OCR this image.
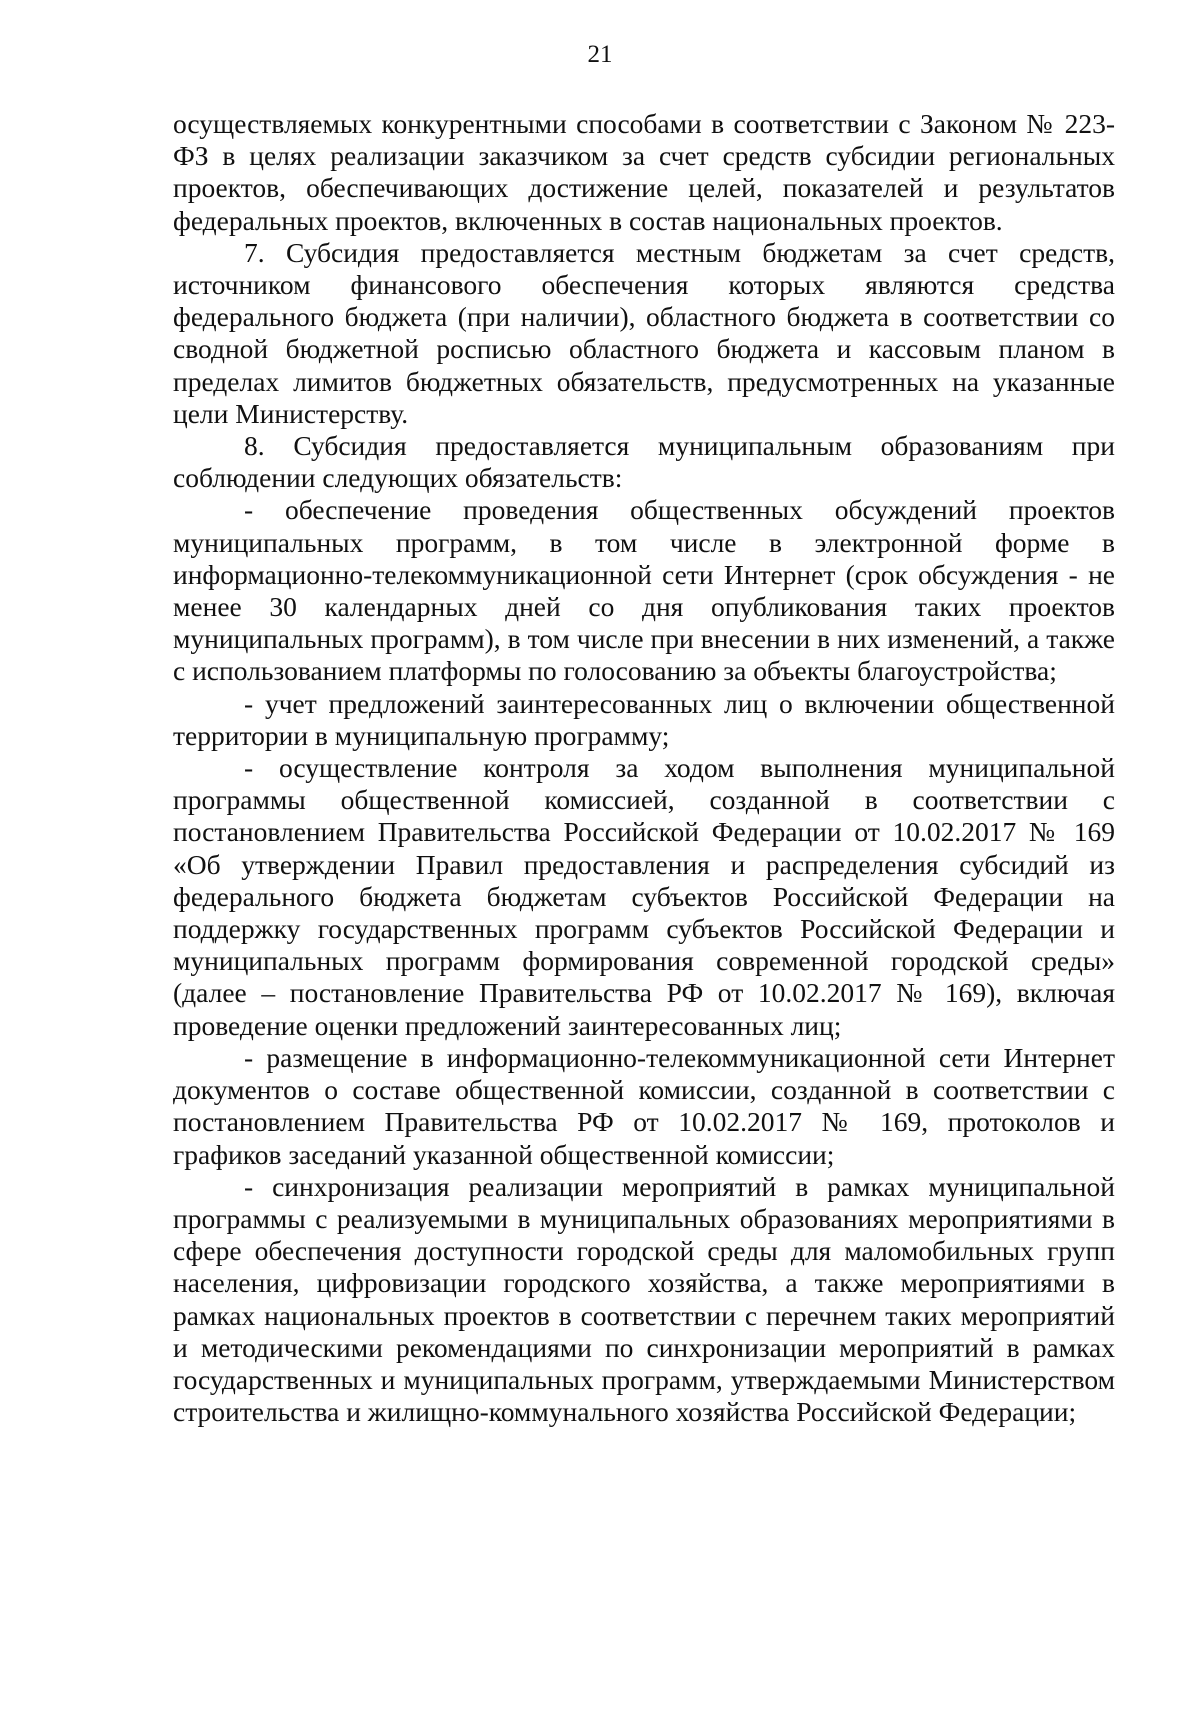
21

осуществляемых конкурентными способами в соответствии с Законом № 223-ФЗ в целях реализации заказчиком за счет средств субсидии региональных проектов, обеспечивающих достижение целей, показателей и результатов федеральных проектов, включенных в состав национальных проектов.

7. Субсидия предоставляется местным бюджетам за счет средств, источником финансового обеспечения которых являются средства федерального бюджета (при наличии), областного бюджета в соответствии со сводной бюджетной росписью областного бюджета и кассовым планом в пределах лимитов бюджетных обязательств, предусмотренных на указанные цели Министерству.

8. Субсидия предоставляется муниципальным образованиям при соблюдении следующих обязательств:

- обеспечение проведения общественных обсуждений проектов муниципальных программ, в том числе в электронной форме в информационно-телекоммуникационной сети Интернет (срок обсуждения - не менее 30 календарных дней со дня опубликования таких проектов муниципальных программ), в том числе при внесении в них изменений, а также с использованием платформы по голосованию за объекты благоустройства;

- учет предложений заинтересованных лиц о включении общественной территории в муниципальную программу;

- осуществление контроля за ходом выполнения муниципальной программы общественной комиссией, созданной в соответствии с постановлением Правительства Российской Федерации от 10.02.2017 № 169 «Об утверждении Правил предоставления и распределения субсидий из федерального бюджета бюджетам субъектов Российской Федерации на поддержку государственных программ субъектов Российской Федерации и муниципальных программ формирования современной городской среды» (далее – постановление Правительства РФ от 10.02.2017 № 169), включая проведение оценки предложений заинтересованных лиц;

- размещение в информационно-телекоммуникационной сети Интернет документов о составе общественной комиссии, созданной в соответствии с постановлением Правительства РФ от 10.02.2017 № 169, протоколов и графиков заседаний указанной общественной комиссии;

- синхронизация реализации мероприятий в рамках муниципальной программы с реализуемыми в муниципальных образованиях мероприятиями в сфере обеспечения доступности городской среды для маломобильных групп населения, цифровизации городского хозяйства, а также мероприятиями в рамках национальных проектов в соответствии с перечнем таких мероприятий и методическими рекомендациями по синхронизации мероприятий в рамках государственных и муниципальных программ, утверждаемыми Министерством строительства и жилищно-коммунального хозяйства Российской Федерации;
